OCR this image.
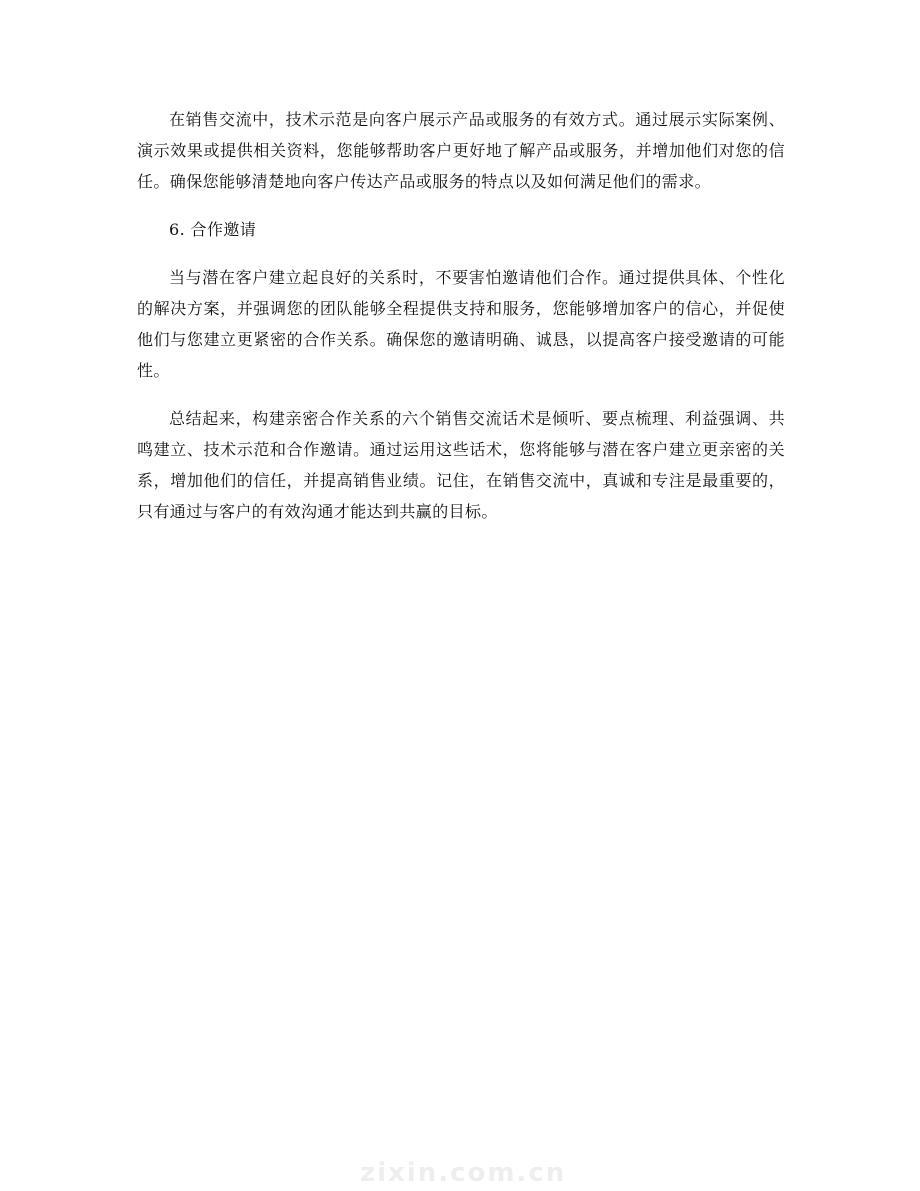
在销售交流中，技术示范是向客户展示产品或服务的有效方式。通过展示实际案例、演示效果或提供相关资料，您能够帮助客户更好地了解产品或服务，并增加他们对您的信任。确保您能够清楚地向客户传达产品或服务的特点以及如何满足他们的需求。

6. 合作邀请

当与潜在客户建立起良好的关系时，不要害怕邀请他们合作。通过提供具体、个性化的解决方案，并强调您的团队能够全程提供支持和服务，您能够增加客户的信心，并促使他们与您建立更紧密的合作关系。确保您的邀请明确、诚恳，以提高客户接受邀请的可能性。

总结起来，构建亲密合作关系的六个销售交流话术是倾听、要点梳理、利益强调、共鸣建立、技术示范和合作邀请。通过运用这些话术，您将能够与潜在客户建立更亲密的关系，增加他们的信任，并提高销售业绩。记住，在销售交流中，真诚和专注是最重要的，只有通过与客户的有效沟通才能达到共赢的目标。

zixin.com.cn
